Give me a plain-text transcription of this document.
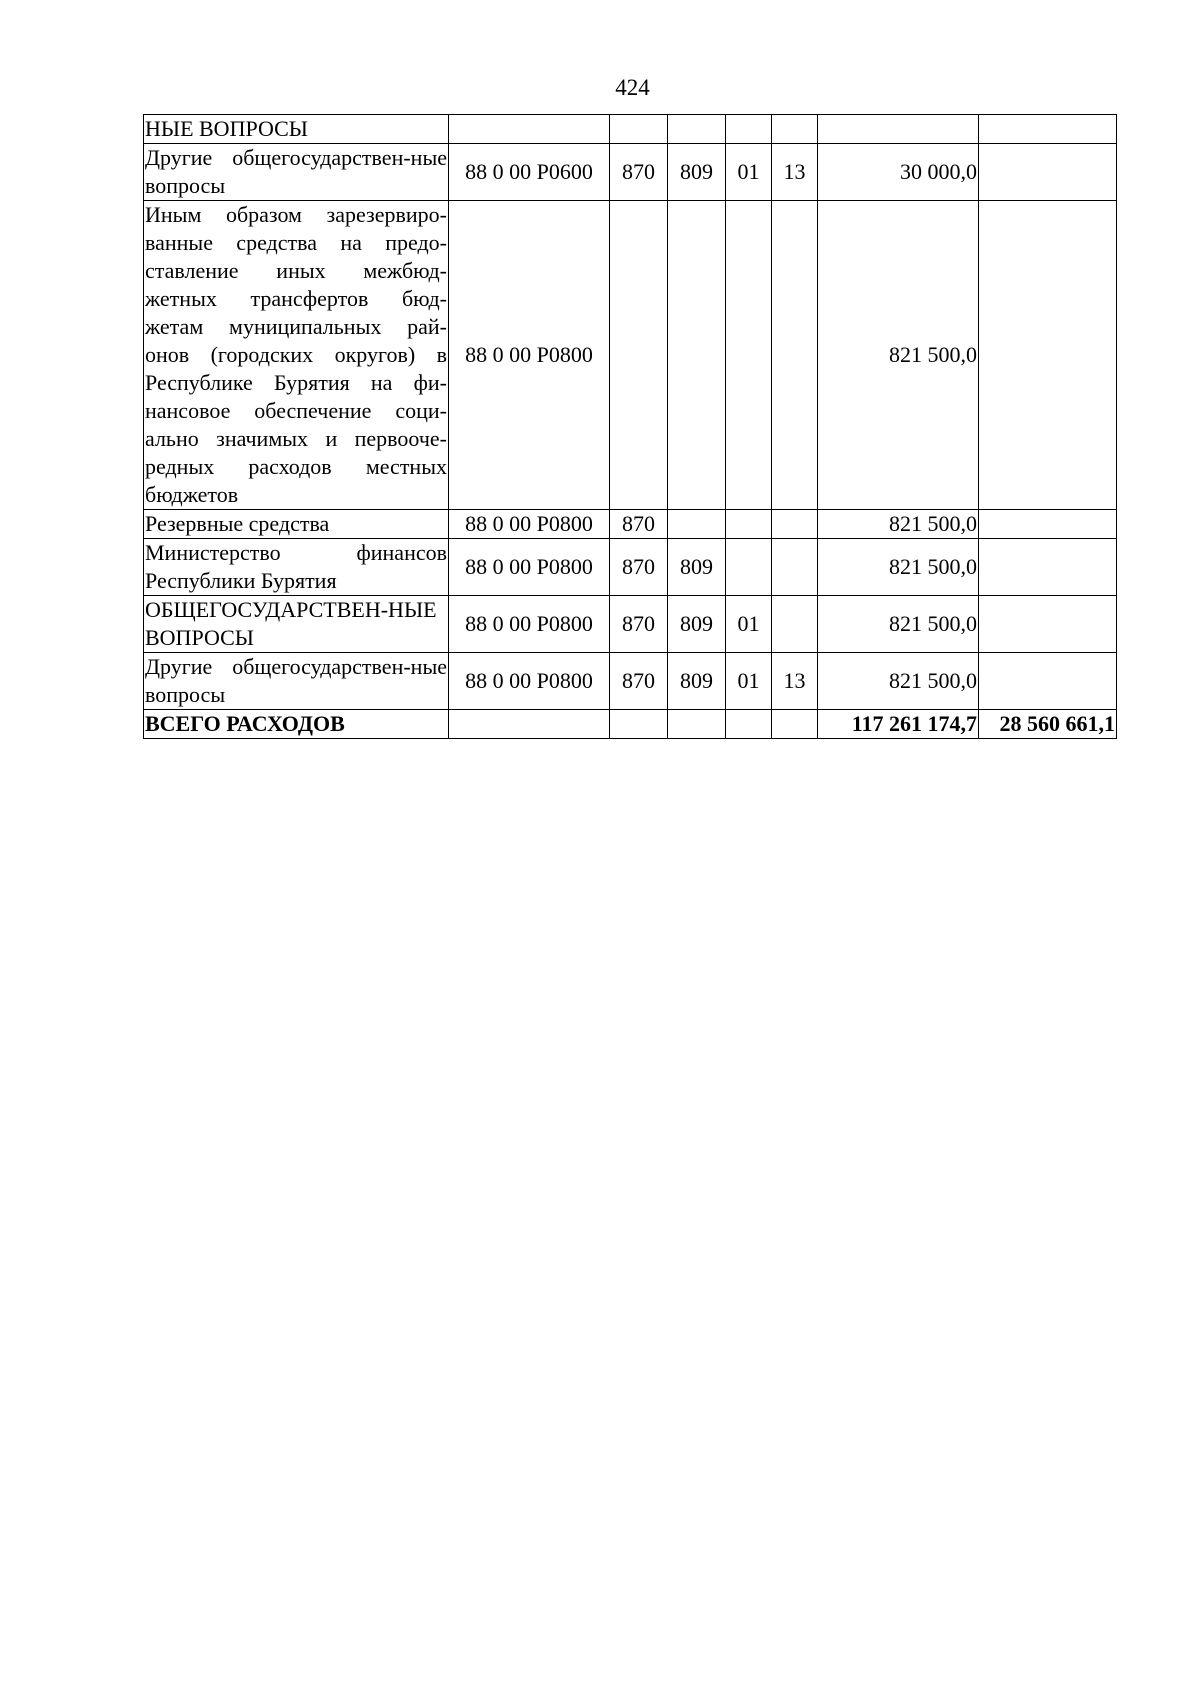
424
НЫЕ ВОПРОСЫ							
Другие общегосударствен-ные вопросы	88 0 00 Р0600	870	809	01	13	30 000,0	
Иным образом зарезервиро-ванные средства на предо-ставление иных межбюд-жетных трансфертов бюд-жетам муниципальных рай-онов (городских округов) в Республике Бурятия на фи-нансовое обеспечение соци-ально значимых и первооче-редных расходов местных бюджетов	88 0 00 Р0800					821 500,0	
Резервные средства	88 0 00 Р0800	870				821 500,0	
Министерство финансов Республики Бурятия	88 0 00 Р0800	870	809			821 500,0	
ОБЩЕГОСУДАРСТВЕН-НЫЕ ВОПРОСЫ	88 0 00 Р0800	870	809	01		821 500,0	
Другие общегосударствен-ные вопросы	88 0 00 Р0800	870	809	01	13	821 500,0	
ВСЕГО РАСХОДОВ						117 261 174,7	28 560 661,1
